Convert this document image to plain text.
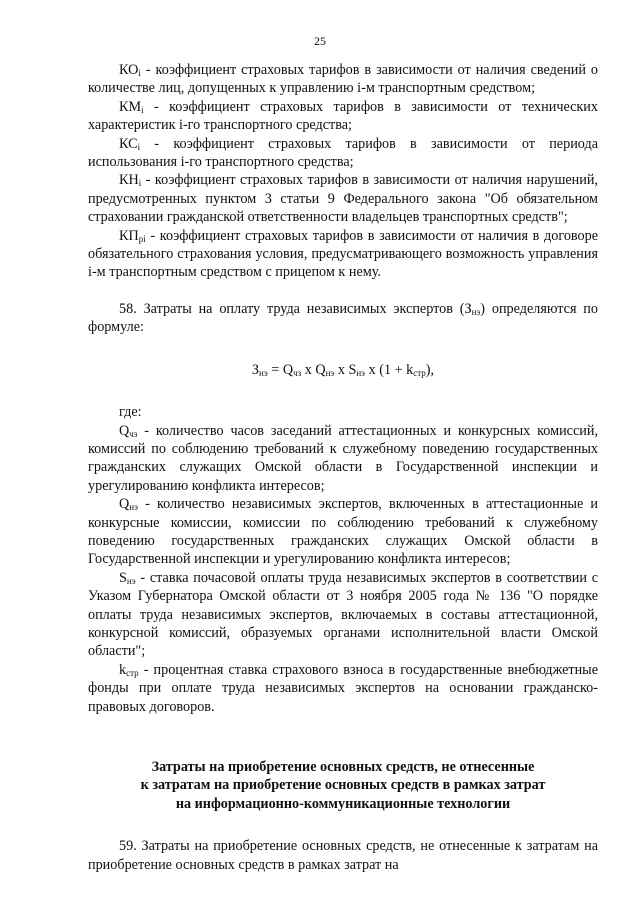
25

$КО_i$ - коэффициент страховых тарифов в зависимости от наличия сведений о количестве лиц, допущенных к управлению i-м транспортным средством;

$КМ_i$ - коэффициент страховых тарифов в зависимости от технических характеристик i-го транспортного средства;

$КС_i$ - коэффициент страховых тарифов в зависимости от периода использования i-го транспортного средства;

$КН_i$ - коэффициент страховых тарифов в зависимости от наличия нарушений, предусмотренных пунктом 3 статьи 9 Федерального закона "Об обязательном страховании гражданской ответственности владельцев транспортных средств";

$КП_{pi}$ - коэффициент страховых тарифов в зависимости от наличия в договоре обязательного страхования условия, предусматривающего возможность управления i-м транспортным средством с прицепом к нему.

58. Затраты на оплату труда независимых экспертов $(З_{нэ})$ определяются по формуле:

$З_{нэ} = Q_{чз}$ x $Q_{нэ}$ x $S_{нэ}$ x $(1 + k_{стр})$,

где:

$Q_{чз}$ - количество часов заседаний аттестационных и конкурсных комиссий, комиссий по соблюдению требований к служебному поведению государственных гражданских служащих Омской области в Государственной инспекции и урегулированию конфликта интересов;

$Q_{нэ}$ - количество независимых экспертов, включенных в аттестационные и конкурсные комиссии, комиссии по соблюдению требований к служебному поведению государственных гражданских служащих Омской области в Государственной инспекции и урегулированию конфликта интересов;

$S_{нэ}$ - ставка почасовой оплаты труда независимых экспертов в соответствии с Указом Губернатора Омской области от 3 ноября 2005 года № 136 "О порядке оплаты труда независимых экспертов, включаемых в составы аттестационной, конкурсной комиссий, образуемых органами исполнительной власти Омской области";

$k_{стр}$ - процентная ставка страхового взноса в государственные внебюджетные фонды при оплате труда независимых экспертов на основании гражданско-правовых договоров.

Затраты на приобретение основных средств, не отнесенные

к затратам на приобретение основных средств в рамках затрат

на информационно-коммуникационные технологии

59. Затраты на приобретение основных средств, не отнесенные к затратам на приобретение основных средств в рамках затрат на
